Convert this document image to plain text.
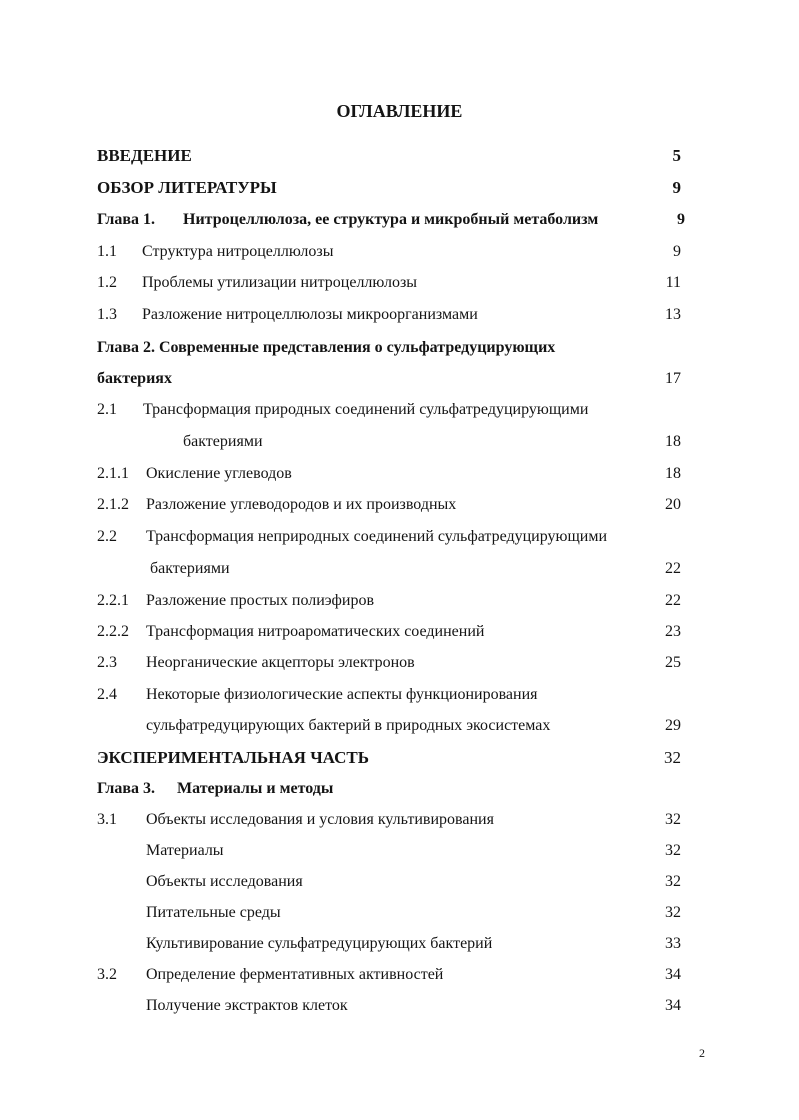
ОГЛАВЛЕНИЕ
ВВЕДЕНИЕ	5
ОБЗОР ЛИТЕРАТУРЫ	9
Глава 1. Нитроцеллюлоза, ее структура и микробный метаболизм	9
1.1 Структура нитроцеллюлозы	9
1.2 Проблемы утилизации нитроцеллюлозы	11
1.3 Разложение нитроцеллюлозы микроорганизмами	13
Глава 2. Современные представления о сульфатредуцирующих
бактериях	17
2.1 Трансформация природных соединений сульфатредуцирующими
бактериями	18
2.1.1 Окисление углеводов	18
2.1.2 Разложение углеводородов и их производных	20
2.2 Трансформация неприродных соединений сульфатредуцирующими
бактериями	22
2.2.1 Разложение простых полиэфиров	22
2.2.2 Трансформация нитроароматических соединений	23
2.3 Неорганические акцепторы электронов	25
2.4 Некоторые физиологические аспекты функционирования
сульфатредуцирующих бактерий в природных экосистемах	29
ЭКСПЕРИМЕНТАЛЬНАЯ ЧАСТЬ	32
Глава 3. Материалы и методы
3.1 Объекты исследования и условия культивирования	32
Материалы	32
Объекты исследования	32
Питательные среды	32
Культивирование сульфатредуцирующих бактерий	33
3.2 Определение ферментативных активностей	34
Получение экстрактов клеток	34
2
